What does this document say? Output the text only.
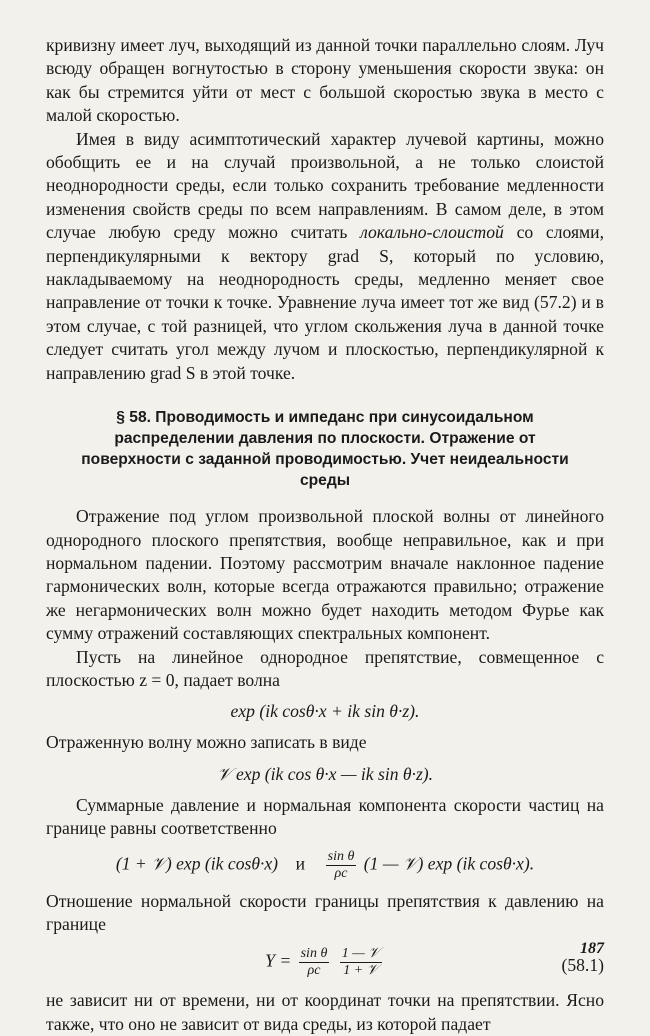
кривизну имеет луч, выходящий из данной точки параллельно слоям. Луч всюду обращен вогнутостью в сторону уменьшения скорости звука: он как бы стремится уйти от мест с большой скоростью звука в место с малой скоростью.

Имея в виду асимптотический характер лучевой картины, можно обобщить ее и на случай произвольной, а не только слоистой неоднородности среды, если только сохранить требование медленности изменения свойств среды по всем направлениям. В самом деле, в этом случае любую среду можно считать локально-слоистой со слоями, перпендикулярными к вектору grad S, который по условию, накладываемому на неоднородность среды, медленно меняет свое направление от точки к точке. Уравнение луча имеет тот же вид (57.2) и в этом случае, с той разницей, что углом скольжения луча в данной точке следует считать угол между лучом и плоскостью, перпендикулярной к направлению grad S в этой точке.

§ 58. Проводимость и импеданс при синусоидальном распределении давления по плоскости. Отражение от поверхности с заданной проводимостью. Учет неидеальности среды

Отражение под углом произвольной плоской волны от линейного однородного плоского препятствия, вообще неправильное, как и при нормальном падении. Поэтому рассмотрим вначале наклонное падение гармонических волн, которые всегда отражаются правильно; отражение же негармонических волн можно будет находить методом Фурье как сумму отражений составляющих спектральных компонент.

Пусть на линейное однородное препятствие, совмещенное с плоскостью z = 0, падает волна

exp (ik cosθ·x + ik sin θ·z).

Отраженную волну можно записать в виде

𝒱 exp (ik cos θ·x — ik sin θ·z).

Суммарные давление и нормальная компонента скорости частиц на границе равны соответственно

(1 + 𝒱) exp (ik cosθ·x) и $\frac{\text{sin θ}}{\rho c} (1$ — 𝒱) exp (ik cosθ·x).

Отношение нормальной скорости границы препятствия к давлению на границе

$Y = \frac{\text{sin θ}}{\rho c}$
$\frac{\text{1 — 𝒱}}{\text{1 + 𝒱}}$	(58.1)

не зависит ни от времени, ни от координат точки на препятствии. Ясно также, что оно не зависит от вида среды, из которой падает

187
